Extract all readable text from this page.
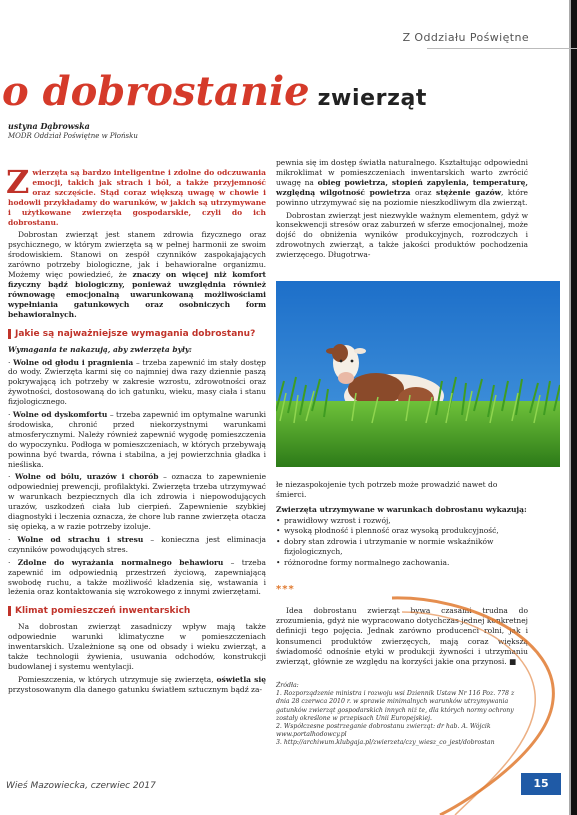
Z Oddziału Poświętne
o dobrostanie zwierząt
ustyna Dąbrowska
MODR Oddział Poświętne w Płońsku

Zwierzęta są bardzo inteligentne i zdolne do odczuwania emocji, takich jak strach i ból, a także przyjemność oraz szczęście. Stąd coraz większą uwagę w chowie i hodowli przykładamy do warunków, w jakich są utrzymywane i użytkowane zwierzęta gospodarskie, czyli do ich dobrostanu.

Dobrostan zwierząt jest stanem zdrowia fizycznego oraz psychicznego, w którym zwierzęta są w pełnej harmonii ze swoim środowiskiem. Stanowi on zespół czynników zaspokajających zarówno potrzeby biologiczne, jak i behawioralne organizmu. Możemy więc powiedzieć, że znaczy on więcej niż komfort fizyczny bądź biologiczny, ponieważ uwzględnia również równowagę emocjonalną uwarunkowaną możliwościami wypełniania gatunkowych oraz osobniczych form behawioralnych.

Jakie są najważniejsze wymagania dobrostanu?

Wymagania te nakazują, aby zwierzęta były:

· Wolne od głodu i pragnienia – trzeba zapewnić im stały dostęp do wody. Zwierzęta karmi się co najmniej dwa razy dziennie paszą pokrywającą ich potrzeby w zakresie wzrostu, zdrowotności oraz żywotności, dostosowaną do ich gatunku, wieku, masy ciała i stanu fizjologicznego.

· Wolne od dyskomfortu – trzeba zapewnić im optymalne warunki środowiska, chronić przed niekorzystnymi warunkami atmosferycznymi. Należy również zapewnić wygodę pomieszczenia do wypoczynku. Podłoga w pomieszczeniach, w których przebywają powinna być twarda, równa i stabilna, a jej powierzchnia gładka i nieśliska.

· Wolne od bólu, urazów i chorób – oznacza to zapewnienie odpowiedniej prewencji, profilaktyki. Zwierzęta trzeba utrzymywać w warunkach bezpiecznych dla ich zdrowia i niepowodujących urazów, uszkodzeń ciała lub cierpień. Zapewnienie szybkiej diagnostyki i leczenia oznacza, że chore lub ranne zwierzęta otacza się opieką, a w razie potrzeby izoluje.

· Wolne od strachu i stresu – konieczna jest eliminacja czynników powodujących stres.

· Zdolne do wyrażania normalnego behawioru – trzeba zapewnić im odpowiednią przestrzeń życiową, zapewniającą swobodę ruchu, a także możliwość kładzenia się, wstawania i leżenia oraz kontaktowania się wzrokowego z innymi zwierzętami.

Klimat pomieszczeń inwentarskich

Na dobrostan zwierząt zasadniczy wpływ mają także odpowiednie warunki klimatyczne w pomieszczeniach inwentarskich. Uzależnione są one od obsady i wieku zwierząt, a także technologii żywienia, usuwania odchodów, konstrukcji budowlanej i systemu wentylacji.

Pomieszczenia, w których utrzymuje się zwierzęta, oświetla się przystosowanym dla danego gatunku światłem sztucznym bądź za-

pewnia się im dostęp światła naturalnego. Kształtując odpowiedni mikroklimat w pomieszczeniach inwentarskich warto zwrócić uwagę na obieg powietrza, stopień zapylenia, temperaturę, względną wilgotność powietrza oraz stężenie gazów, które powinno utrzymywać się na poziomie nieszkodliwym dla zwierząt.

Dobrostan zwierząt jest niezwykle ważnym elementem, gdyż w konsekwencji stresów oraz zaburzeń w sferze emocjonalnej, może dojść do obniżenia wyników produkcyjnych, rozrodczych i zdrowotnych zwierząt, a także jakości produktów pochodzenia zwierzęcego. Długotrwa-

łe niezaspokojenie tych potrzeb może prowadzić nawet do śmierci.
Zwierzęta utrzymywane w warunkach dobrostanu wykazują:
• prawidłowy wzrost i rozwój,
• wysoką płodność i plenność oraz wysoką produkcyjność,
• dobry stan zdrowia i utrzymanie w normie wskaźników fizjologicznych,
• różnorodne formy normalnego zachowania.
***

Idea dobrostanu zwierząt bywa czasami trudna do zrozumienia, gdyż nie wypracowano dotychczas jednej konkretnej definicji tego pojęcia. Jednak zarówno producenci rolni, jak i konsumenci produktów zwierzęcych, mają coraz większą świadomość odnośnie etyki w produkcji żywności i utrzymaniu zwierząt, głównie ze względu na korzyści jakie ona przynosi. ■

Źródła:
1. Rozporządzenie ministra i rozwoju wsi Dziennik Ustaw Nr 116 Poz. 778 z dnia 28 czerwca 2010 r. w sprawie minimalnych warunków utrzymywania gatunków zwierząt gospodarskich innych niż te, dla których normy ochrony zostały określone w przepisach Unii Europejskiej.
2. Współczesne postrzeganie dobrostanu zwierząt: dr hab. A. Wójcik www.portalhodowcy.pl
3. http://archiwum.klubgaja.pl/zwierzeta/czy_wiesz_co_jest/dobrostan
Wieś Mazowiecka, czerwiec 2017	15
